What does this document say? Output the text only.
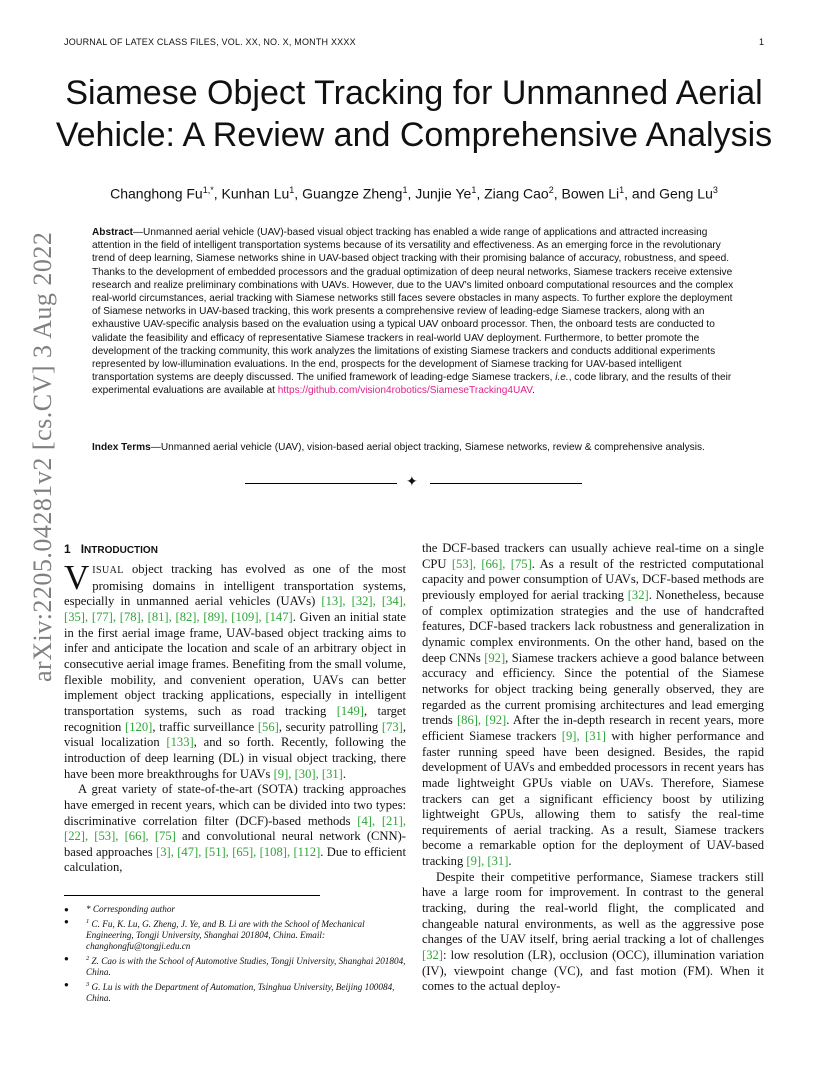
JOURNAL OF LATEX CLASS FILES, VOL. XX, NO. X, MONTH XXXX	1
arXiv:2205.04281v2 [cs.CV] 3 Aug 2022
Siamese Object Tracking for Unmanned Aerial
Vehicle: A Review and Comprehensive Analysis
Changhong $Fu^{1,*}$, Kunhan Lu$^1$, Guangze Zheng$^1$, Junjie Ye$^1$, Ziang Cao$^2$, Bowen Li$^1$, and Geng Lu$^3$
Abstract—Unmanned aerial vehicle (UAV)-based visual object tracking has enabled a wide range of applications and attracted increasing attention in the field of intelligent transportation systems because of its versatility and effectiveness. As an emerging force in the revolutionary trend of deep learning, Siamese networks shine in UAV-based object tracking with their promising balance of accuracy, robustness, and speed. Thanks to the development of embedded processors and the gradual optimization of deep neural networks, Siamese trackers receive extensive research and realize preliminary combinations with UAVs. However, due to the UAV's limited onboard computational resources and the complex real-world circumstances, aerial tracking with Siamese networks still faces severe obstacles in many aspects. To further explore the deployment of Siamese networks in UAV-based tracking, this work presents a comprehensive review of leading-edge Siamese trackers, along with an exhaustive UAV-specific analysis based on the evaluation using a typical UAV onboard processor. Then, the onboard tests are conducted to validate the feasibility and efficacy of representative Siamese trackers in real-world UAV deployment. Furthermore, to better promote the development of the tracking community, this work analyzes the limitations of existing Siamese trackers and conducts additional experiments represented by low-illumination evaluations. In the end, prospects for the development of Siamese tracking for UAV-based intelligent transportation systems are deeply discussed. The unified framework of leading-edge Siamese trackers, i.e., code library, and the results of their experimental evaluations are available at https://github.com/vision4robotics/SiameseTracking4UAV.
Index Terms—Unmanned aerial vehicle (UAV), vision-based aerial object tracking, Siamese networks, review & comprehensive analysis.
✦
1 INTRODUCTION

VISUAL object tracking has evolved as one of the most promising domains in intelligent transportation systems, especially in unmanned aerial vehicles (UAVs) [13], [32], [34], [35], [77], [78], [81], [82], [89], [109], [147]. Given an initial state in the first aerial image frame, UAV-based object tracking aims to infer and anticipate the location and scale of an arbitrary object in consecutive aerial image frames. Benefiting from the small volume, flexible mobility, and convenient operation, UAVs can better implement object tracking applications, especially in intelligent transportation systems, such as road tracking [149], target recognition [120], traffic surveillance [56], security patrolling [73], visual localization [133], and so forth. Recently, following the introduction of deep learning (DL) in visual object tracking, there have been more breakthroughs for UAVs [9], [30], [31].

A great variety of state-of-the-art (SOTA) tracking approaches have emerged in recent years, which can be divided into two types: discriminative correlation filter (DCF)-based methods [4], [21], [22], [53], [66], [75] and convolutional neural network (CNN)-based approaches [3], [47], [51], [65], [108], [112]. Due to efficient calculation,

● * Corresponding author
●	$^1$ C. Fu, K. Lu, G. Zheng, J. Ye, and B. Li are with the School of Mechanical Engineering, Tongji University, Shanghai 201804, China. Email: changhongfu@tongji.edu.cn
●	$^2$ Z. Cao is with the School of Automotive Studies, Tongji University, Shanghai 201804, China.
●	$^3$ G. Lu is with the Department of Automation, Tsinghua University, Beijing 100084, China.

the DCF-based trackers can usually achieve real-time on a single CPU [53], [66], [75]. As a result of the restricted computational capacity and power consumption of UAVs, DCF-based methods are previously employed for aerial tracking [32]. Nonetheless, because of complex optimization strategies and the use of handcrafted features, DCF-based trackers lack robustness and generalization in dynamic complex environments. On the other hand, based on the deep CNNs [92], Siamese trackers achieve a good balance between accuracy and efficiency. Since the potential of the Siamese networks for object tracking being generally observed, they are regarded as the current promising architectures and lead emerging trends [86], [92]. After the in-depth research in recent years, more efficient Siamese trackers [9], [31] with higher performance and faster running speed have been designed. Besides, the rapid development of UAVs and embedded processors in recent years has made lightweight GPUs viable on UAVs. Therefore, Siamese trackers can get a significant efficiency boost by utilizing lightweight GPUs, allowing them to satisfy the real-time requirements of aerial tracking. As a result, Siamese trackers become a remarkable option for the deployment of UAV-based tracking [9], [31].

Despite their competitive performance, Siamese trackers still have a large room for improvement. In contrast to the general tracking, during the real-world flight, the complicated and changeable natural environments, as well as the aggressive pose changes of the UAV itself, bring aerial tracking a lot of challenges [32]: low resolution (LR), occlusion (OCC), illumination variation (IV), viewpoint change (VC), and fast motion (FM). When it comes to the actual deploy-
